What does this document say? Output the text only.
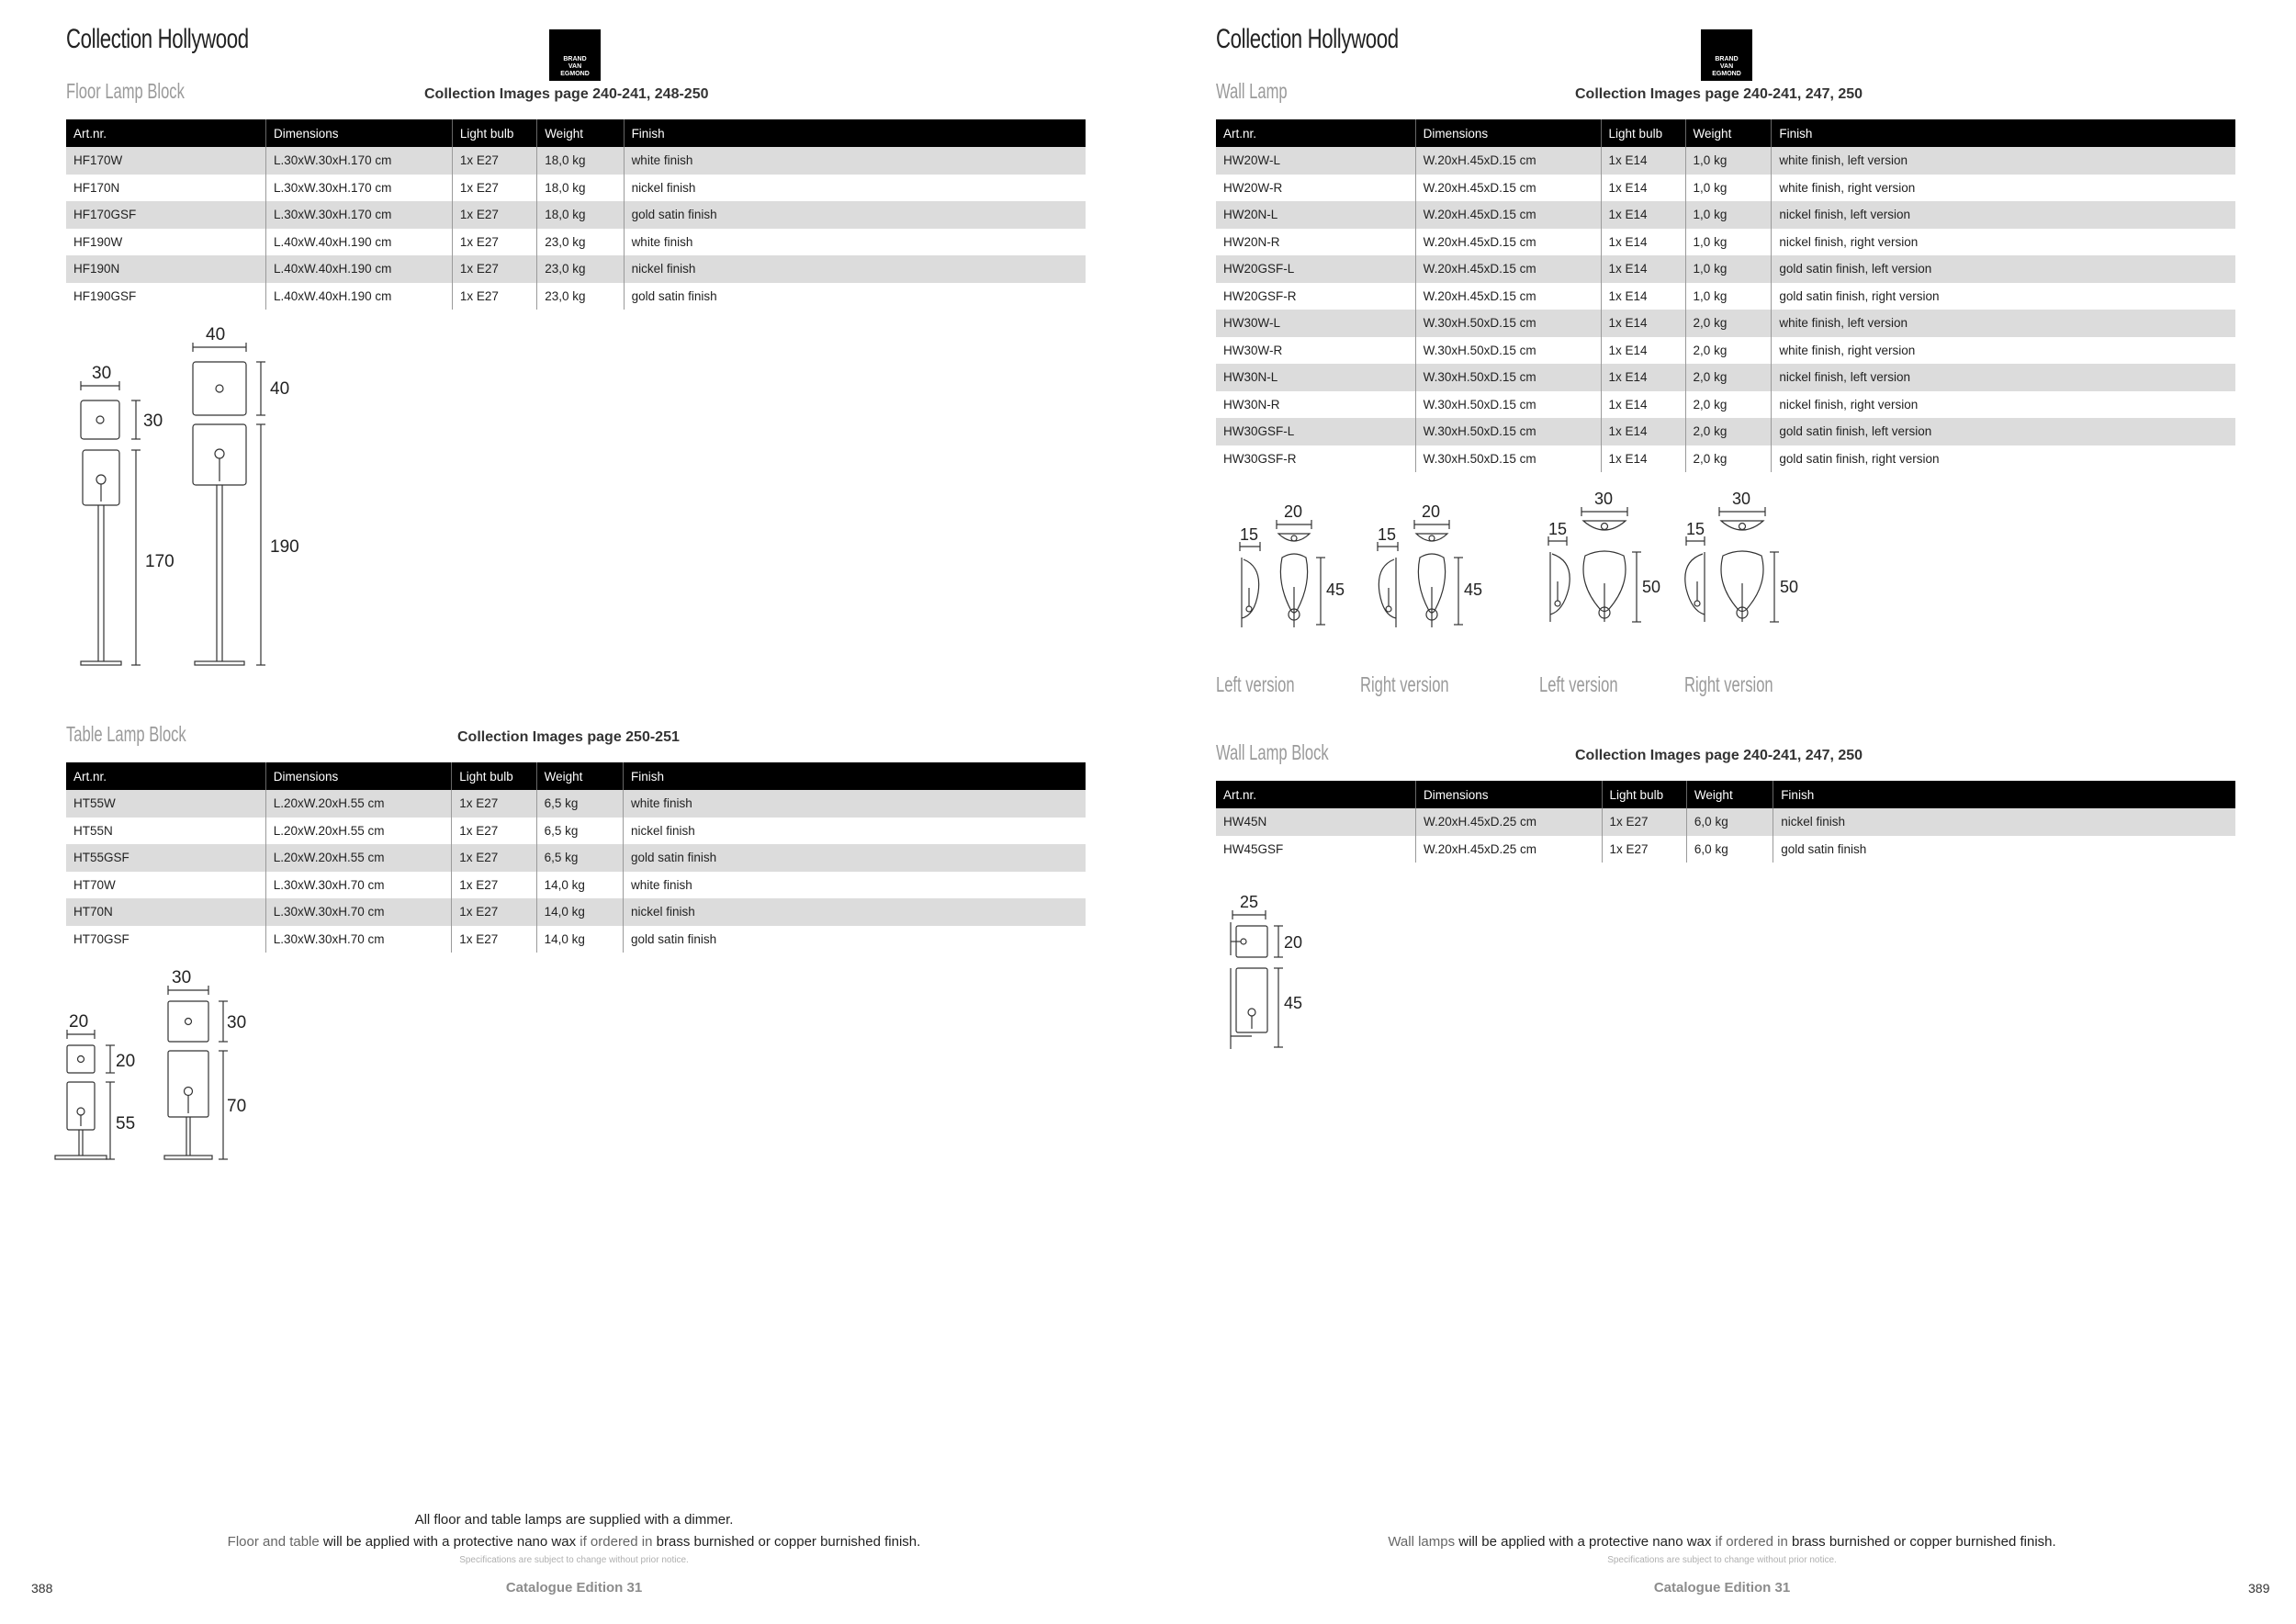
Collection Hollywood
BRAND
VAN
EGMOND
Floor Lamp Block	Collection Images page 240-241, 248-250
Art.nr.	Dimensions	Light bulb	Weight	Finish
HF170W	L.30xW.30xH.170 cm	1x E27	18,0 kg	white finish
HF170N	L.30xW.30xH.170 cm	1x E27	18,0 kg	nickel finish
HF170GSF	L.30xW.30xH.170 cm	1x E27	18,0 kg	gold satin finish
HF190W	L.40xW.40xH.190 cm	1x E27	23,0 kg	white finish
HF190N	L.40xW.40xH.190 cm	1x E27	23,0 kg	nickel finish
HF190GSF	L.40xW.40xH.190 cm	1x E27	23,0 kg	gold satin finish
30
30
170
40
40
190
Table Lamp Block	Collection Images page 250-251
Art.nr.	Dimensions	Light bulb	Weight	Finish
HT55W	L.20xW.20xH.55 cm	1x E27	6,5 kg	white finish
HT55N	L.20xW.20xH.55 cm	1x E27	6,5 kg	nickel finish
HT55GSF	L.20xW.20xH.55 cm	1x E27	6,5 kg	gold satin finish
HT70W	L.30xW.30xH.70 cm	1x E27	14,0 kg	white finish
HT70N	L.30xW.30xH.70 cm	1x E27	14,0 kg	nickel finish
HT70GSF	L.30xW.30xH.70 cm	1x E27	14,0 kg	gold satin finish
20
20
55
30
30
70
All floor and table lamps are supplied with a dimmer.
Floor and table will be applied with a protective nano wax if ordered in brass burnished or copper burnished finish.
Specifications are subject to change without prior notice.
Catalogue Edition 31
388
Collection Hollywood
BRAND
VAN
EGMOND
Wall Lamp	Collection Images page 240-241, 247, 250
Art.nr.	Dimensions	Light bulb	Weight	Finish
HW20W-L	W.20xH.45xD.15 cm	1x E14	1,0 kg	white finish, left version
HW20W-R	W.20xH.45xD.15 cm	1x E14	1,0 kg	white finish, right version
HW20N-L	W.20xH.45xD.15 cm	1x E14	1,0 kg	nickel finish, left version
HW20N-R	W.20xH.45xD.15 cm	1x E14	1,0 kg	nickel finish, right version
HW20GSF-L	W.20xH.45xD.15 cm	1x E14	1,0 kg	gold satin finish, left version
HW20GSF-R	W.20xH.45xD.15 cm	1x E14	1,0 kg	gold satin finish, right version
HW30W-L	W.30xH.50xD.15 cm	1x E14	2,0 kg	white finish, left version
HW30W-R	W.30xH.50xD.15 cm	1x E14	2,0 kg	white finish, right version
HW30N-L	W.30xH.50xD.15 cm	1x E14	2,0 kg	nickel finish, left version
HW30N-R	W.30xH.50xD.15 cm	1x E14	2,0 kg	nickel finish, right version
HW30GSF-L	W.30xH.50xD.15 cm	1x E14	2,0 kg	gold satin finish, left version
HW30GSF-R	W.30xH.50xD.15 cm	1x E14	2,0 kg	gold satin finish, right version
15
20
45
15
20
45
15
30
50
15
30
50
Left version	Right version	Left version	Right version
Wall Lamp Block	Collection Images page 240-241, 247, 250
Art.nr.	Dimensions	Light bulb	Weight	Finish
HW45N	W.20xH.45xD.25 cm	1x E27	6,0 kg	nickel finish
HW45GSF	W.20xH.45xD.25 cm	1x E27	6,0 kg	gold satin finish
25
20
45
Wall lamps will be applied with a protective nano wax if ordered in brass burnished or copper burnished finish.
Specifications are subject to change without prior notice.
Catalogue Edition 31	389
